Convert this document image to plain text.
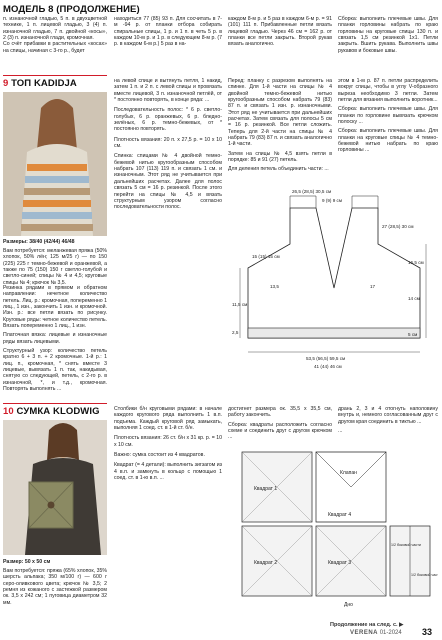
МОДЕЛЬ 8 (ПРОДОЛЖЕНИЕ)

п. изнаночной гладью, 5 п. в двухцветной технике, 1 п. лицевой гладью, 3 (4) п. изнаночной гладью, 7 п. двойной «косы», 2 (3) п. изнаночной глади, кромочная.

Со счёт прибавки в растительных «косах» на спицы, начиная с 3-го р., будет

находиться 77 (85) 93 п. Для сосчитать в 7-м -94 р. от планки отбора собирать спиральные спицы, 1 р. и 1 п. в четь 5 р. в каждом 10-м р. и 1 р. в следующем 8-м р. (7 р. в каждом 6-м р.) 5 раз в на-

каждом 8-м р. и 5 раз в каждом 6-м р. = 91 (101) 111 п. Прибавленные петли вязать лицевой гладью. Через 46 см = 162 р. от планки все петли закрыть. Второй рукав вязать аналогично.

Сборка: выполнить плечевые швы. Для планки горловины набрать по краю горловины на круговые спицы 130 п. и связать 1,5 см резинкой 1x1. Петли закрыть. Вшить рукава. Выполнить швы рукавов и боковые швы.

9 ТОП KADIDJA
Размеры: 38/40 (42/44) 46/48

Вам потребуется: меланжевая пряжа (50% хлопок, 50% лён; 125 м/25 г) — по 150 (225) 225 г темно-бежевой и оранжевой, а также по 75 (150) 150 г светло-голубой и светло-синей; спицы № 4 и 4,5; круговые спицы № 4; крючок № 3,5.

Резинка рядами в прямом и обратном направлении: нечетное количество петель. Лиц. р.: кромочная, попеременно 1 лиц., 1 изн., закончить 1 изн. и кромочной. Изн. р.: все петли вязать по рисунку. Круговые ряды: четное количество петель. Вязать попеременно 1 лиц., 1 изн.

Платочная вязка: лицевые и изнаночные ряды вязать лицевыми.

Структурный узор: количество петель кратно 6 + 3 п. + 2 кромочные. 1-й р.: 1 лиц. п., кромочная, * снять вместе 3 лицевые, вывязать 1 п. так, накидывая, снятую со следующей, петель, с 2-го р. в изнаночной, *, и т.д., кромочная. Повторять выполнять ...

на левой спице и вытянуть петля, 1 накид, затем 1 п. и 2 п. с левой спицы и провязать вместе лицевой, 3 п. изнаночной петлёй, от * постоянно повторять, в конце ряда: ...

Последовательность полос: * 6 р. светло-голубых, 6 р. оранжевых, 6 р. бледно-зелёных, 6 р. темно-бежевых, от * постоянно повторять.

Плотность вязания: 20 п. x 27,5 р. = 10 x 10 см.

Спинка: спицами № 4 двойной темно-бежевой нитью кругообразным способом набрать 107 (113) 119 п. и связать 1 см. и изнаночным. Этот ряд не учитывается при дальнейших расчетах. Далее для полос связать 5 см = 16 р. резинкой. После этого перейти на спицы № 4,5 и вязать структурным узором согласно последовательности полос.

Перед: планку с разрезом выполнять на спинке. Для 1-й части на спицы № 4 двойной темно-бежевой нитью кругообразным способом набрать 79 (83) 87 п. и связать 1 изн. р. изнаночными. Этот ряд не учитывается при дальнейших расчетах. Затем связать для полосы 5 см = 16 р. резинкой. Все петли сложить. Теперь для 2-й части на спицы № 4 набрать 79 (83) 87 п. и связать аналогично 1-й части.

Затем на спицы № 4,5 взять петли в порядке: 85 и 91 (27) петель.

Для деления петель объединить части: ...

этом в 1-м р. 87 п. петли распределить вокруг спицы, чтобы в углу V-образного выреза необходимо 3 петли. Затем петли для вязания выполнить воротник...

Сборка: выполнить плечевые швы. Для планки по горловине вывязать крючком полоску ...

Сборка: выполнить плечевые швы. Для планки на круговые спицы № 4 темно-бежевой нитью набрать по краю горловины ...

26,5 (28,5) 30,5 см
9 (9) 9 см
27 (28,5) 30 см
53,5 (56,5) 59,5 см
5 см
14 см
16,5 см
11,5 см
2,5
15 (15) 15 см
41 (44) 46 см
13,5	17
10 СУМКА KLODWIG
Размер: 50 х 50 см

Вам потребуется: пряжа (65% хлопок, 35% шерсть альпака; 350 м/100 г) — 600 г серо-оливкового цвета; крючок № 3,5; 2 ремня из кожаного с застежкой размером ок. 3,5 х 242 см; 1 пуговица диаметром 32 мм.

Столбики б/н круговыми рядами: в начале каждого кругового ряда выполнить 1 в.п. подъема. Каждый круговой ряд замыкать, выполняя 1 соед. ст. в 1-й ст. б/н.

Плотность вязания: 26 ст. б/н x 31 кр. р. = 10 x 10 см.

Важно: сумка состоит из 4 квадратов.

Квадрат (= 4 детали): выполнить зигзагом из 4 в.п. и замкнуть в кольцо с помощью 1 соед. ст. в 1-ю в.п. ...

достигнет размера ок. 35,5 х 35,5 см, работу закончить.

Сборка: квадраты расположить согласно схеме и соединить друг с другом крючком ...

дрань 2, 3 и 4 отогнуть наполовину внутрь и, немного согласованным друг с другом края соединить в тиктью ...

...

Квадрат 1
Квадрат 2	Квадрат 3
Квадрат 4
Клапан
Дно
1/2 боковой части
1/2 боковой части
Продолжение на след. с. ▶
VERENA 01-2024 33
